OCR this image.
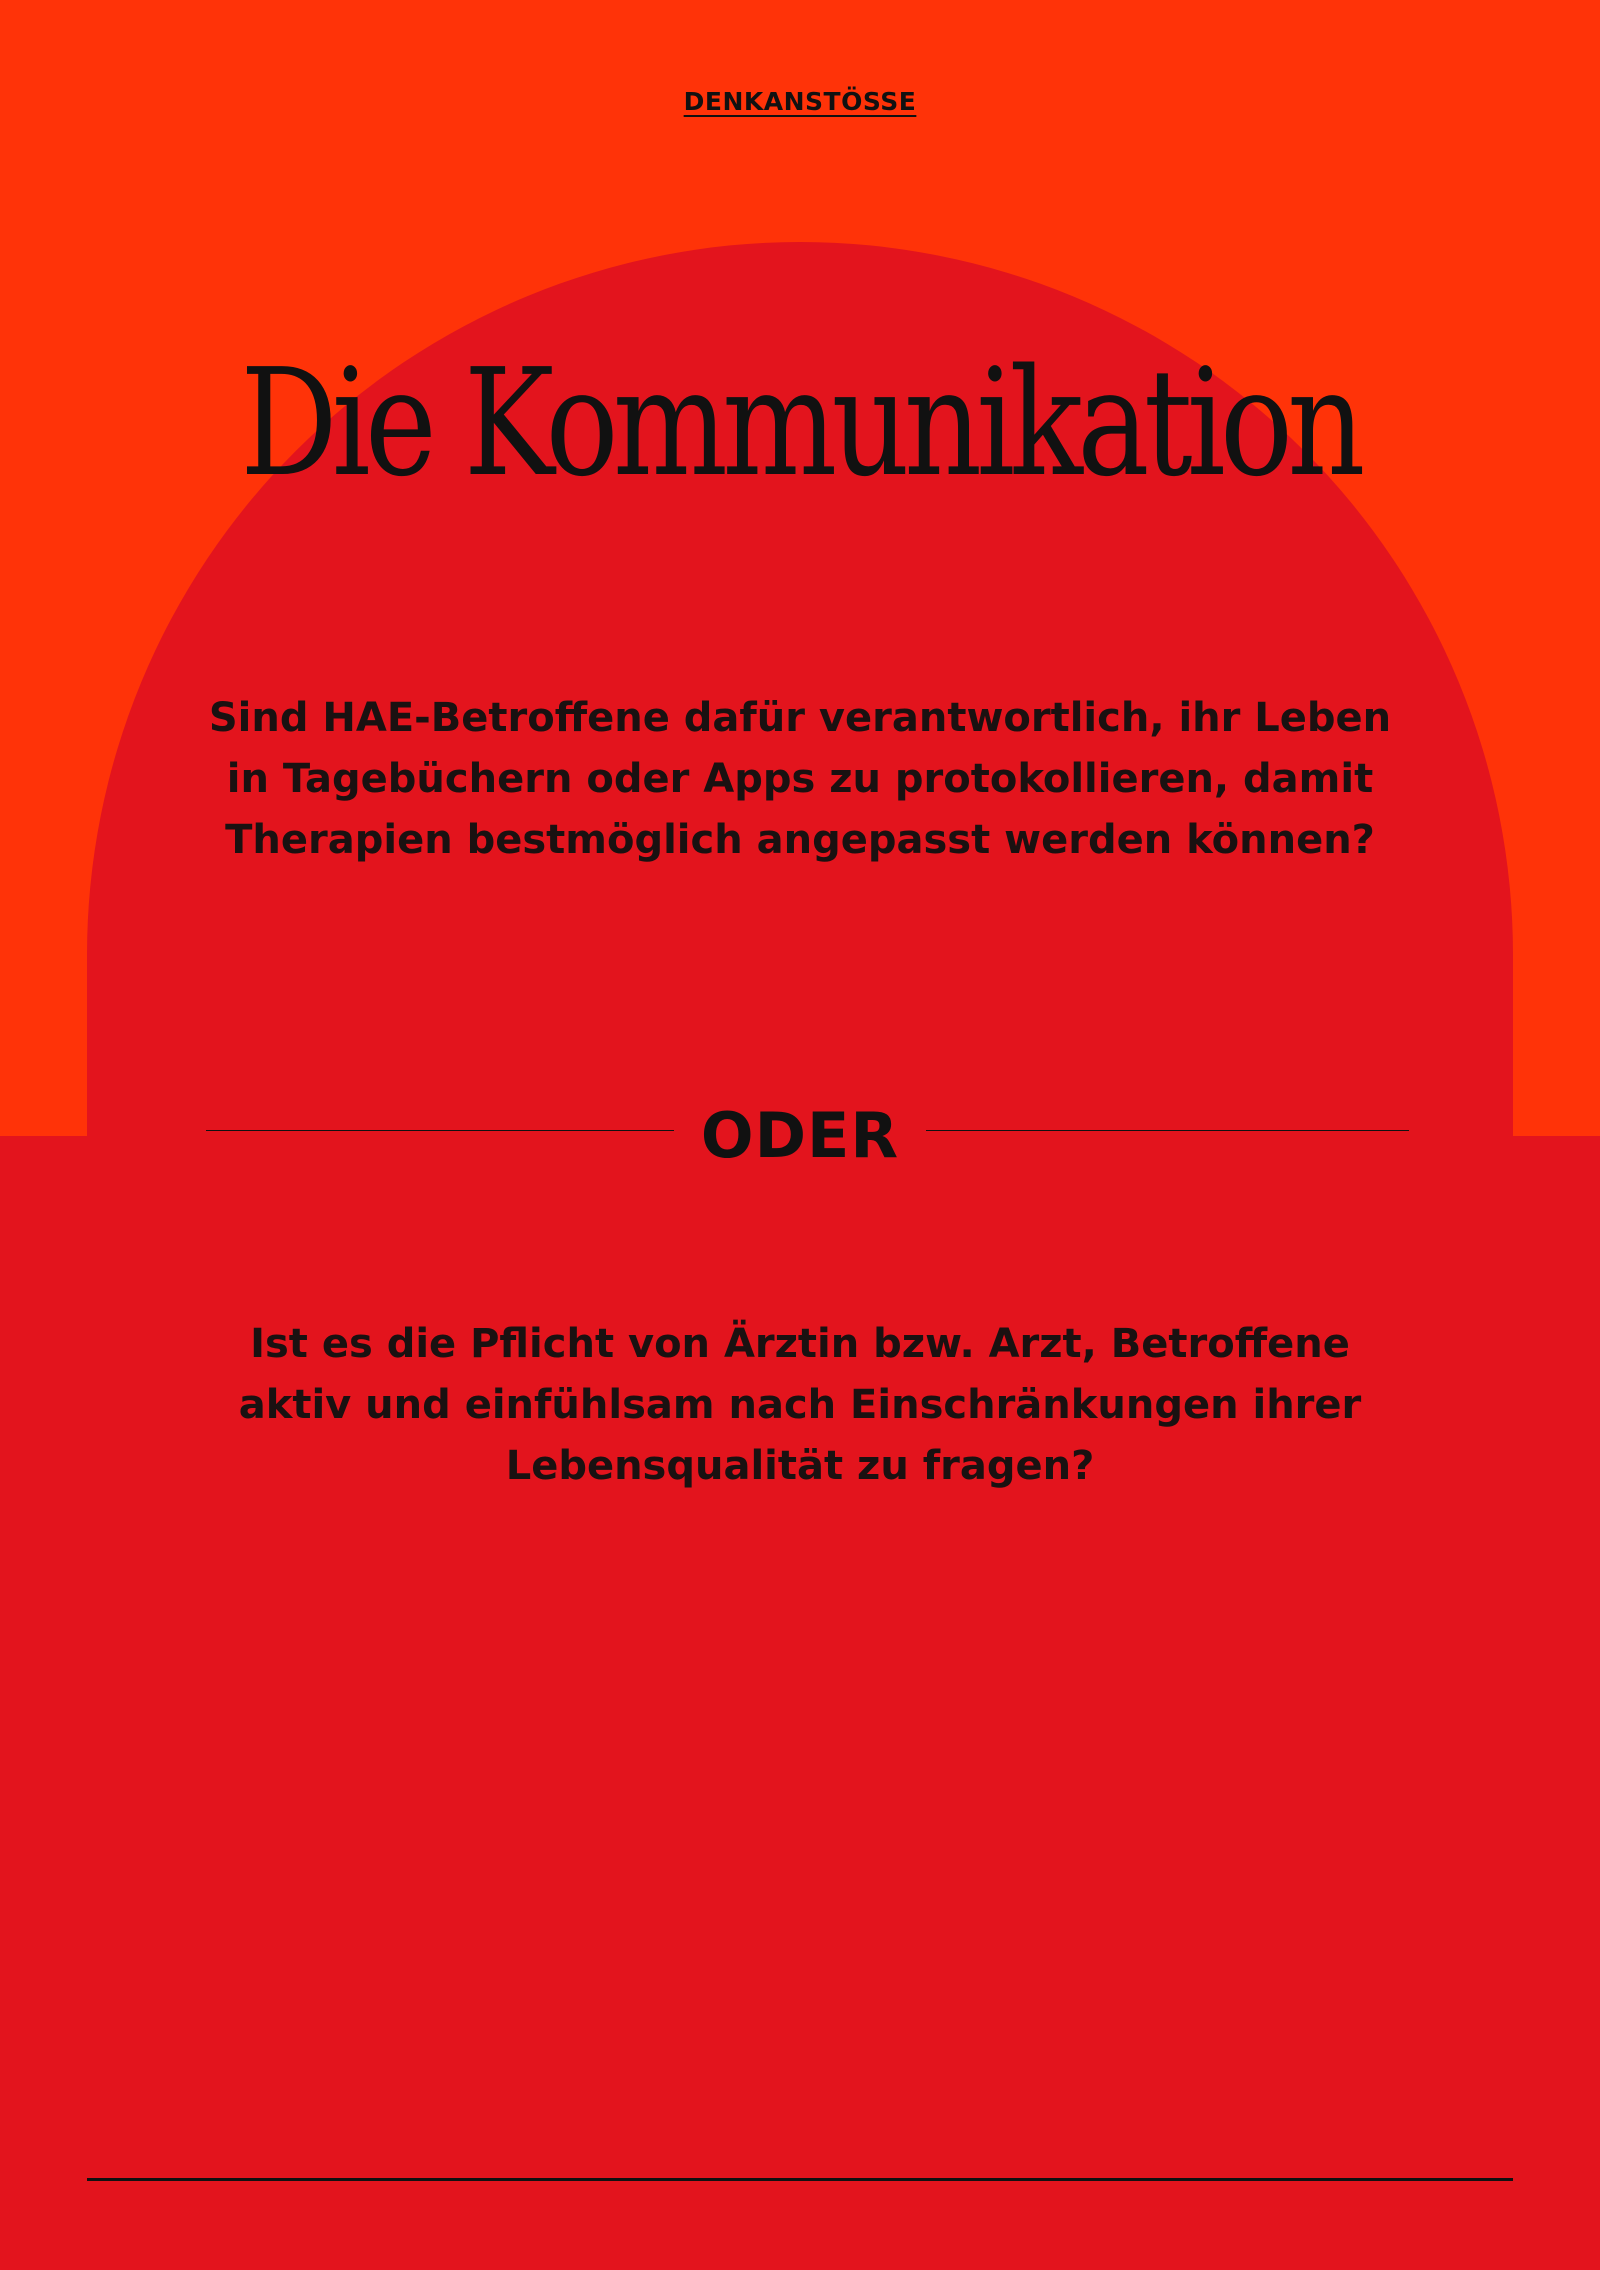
DENKANSTÖSSE
Die Kommunikation
Sind HAE-Betroffene dafür verantwortlich, ihr Leben in Tagebüchern oder Apps zu protokollieren, damit Therapien bestmöglich angepasst werden können?
ODER
Ist es die Pflicht von Ärztin bzw. Arzt, Betroffene aktiv und einfühlsam nach Einschränkungen ihrer Lebensqualität zu fragen?
